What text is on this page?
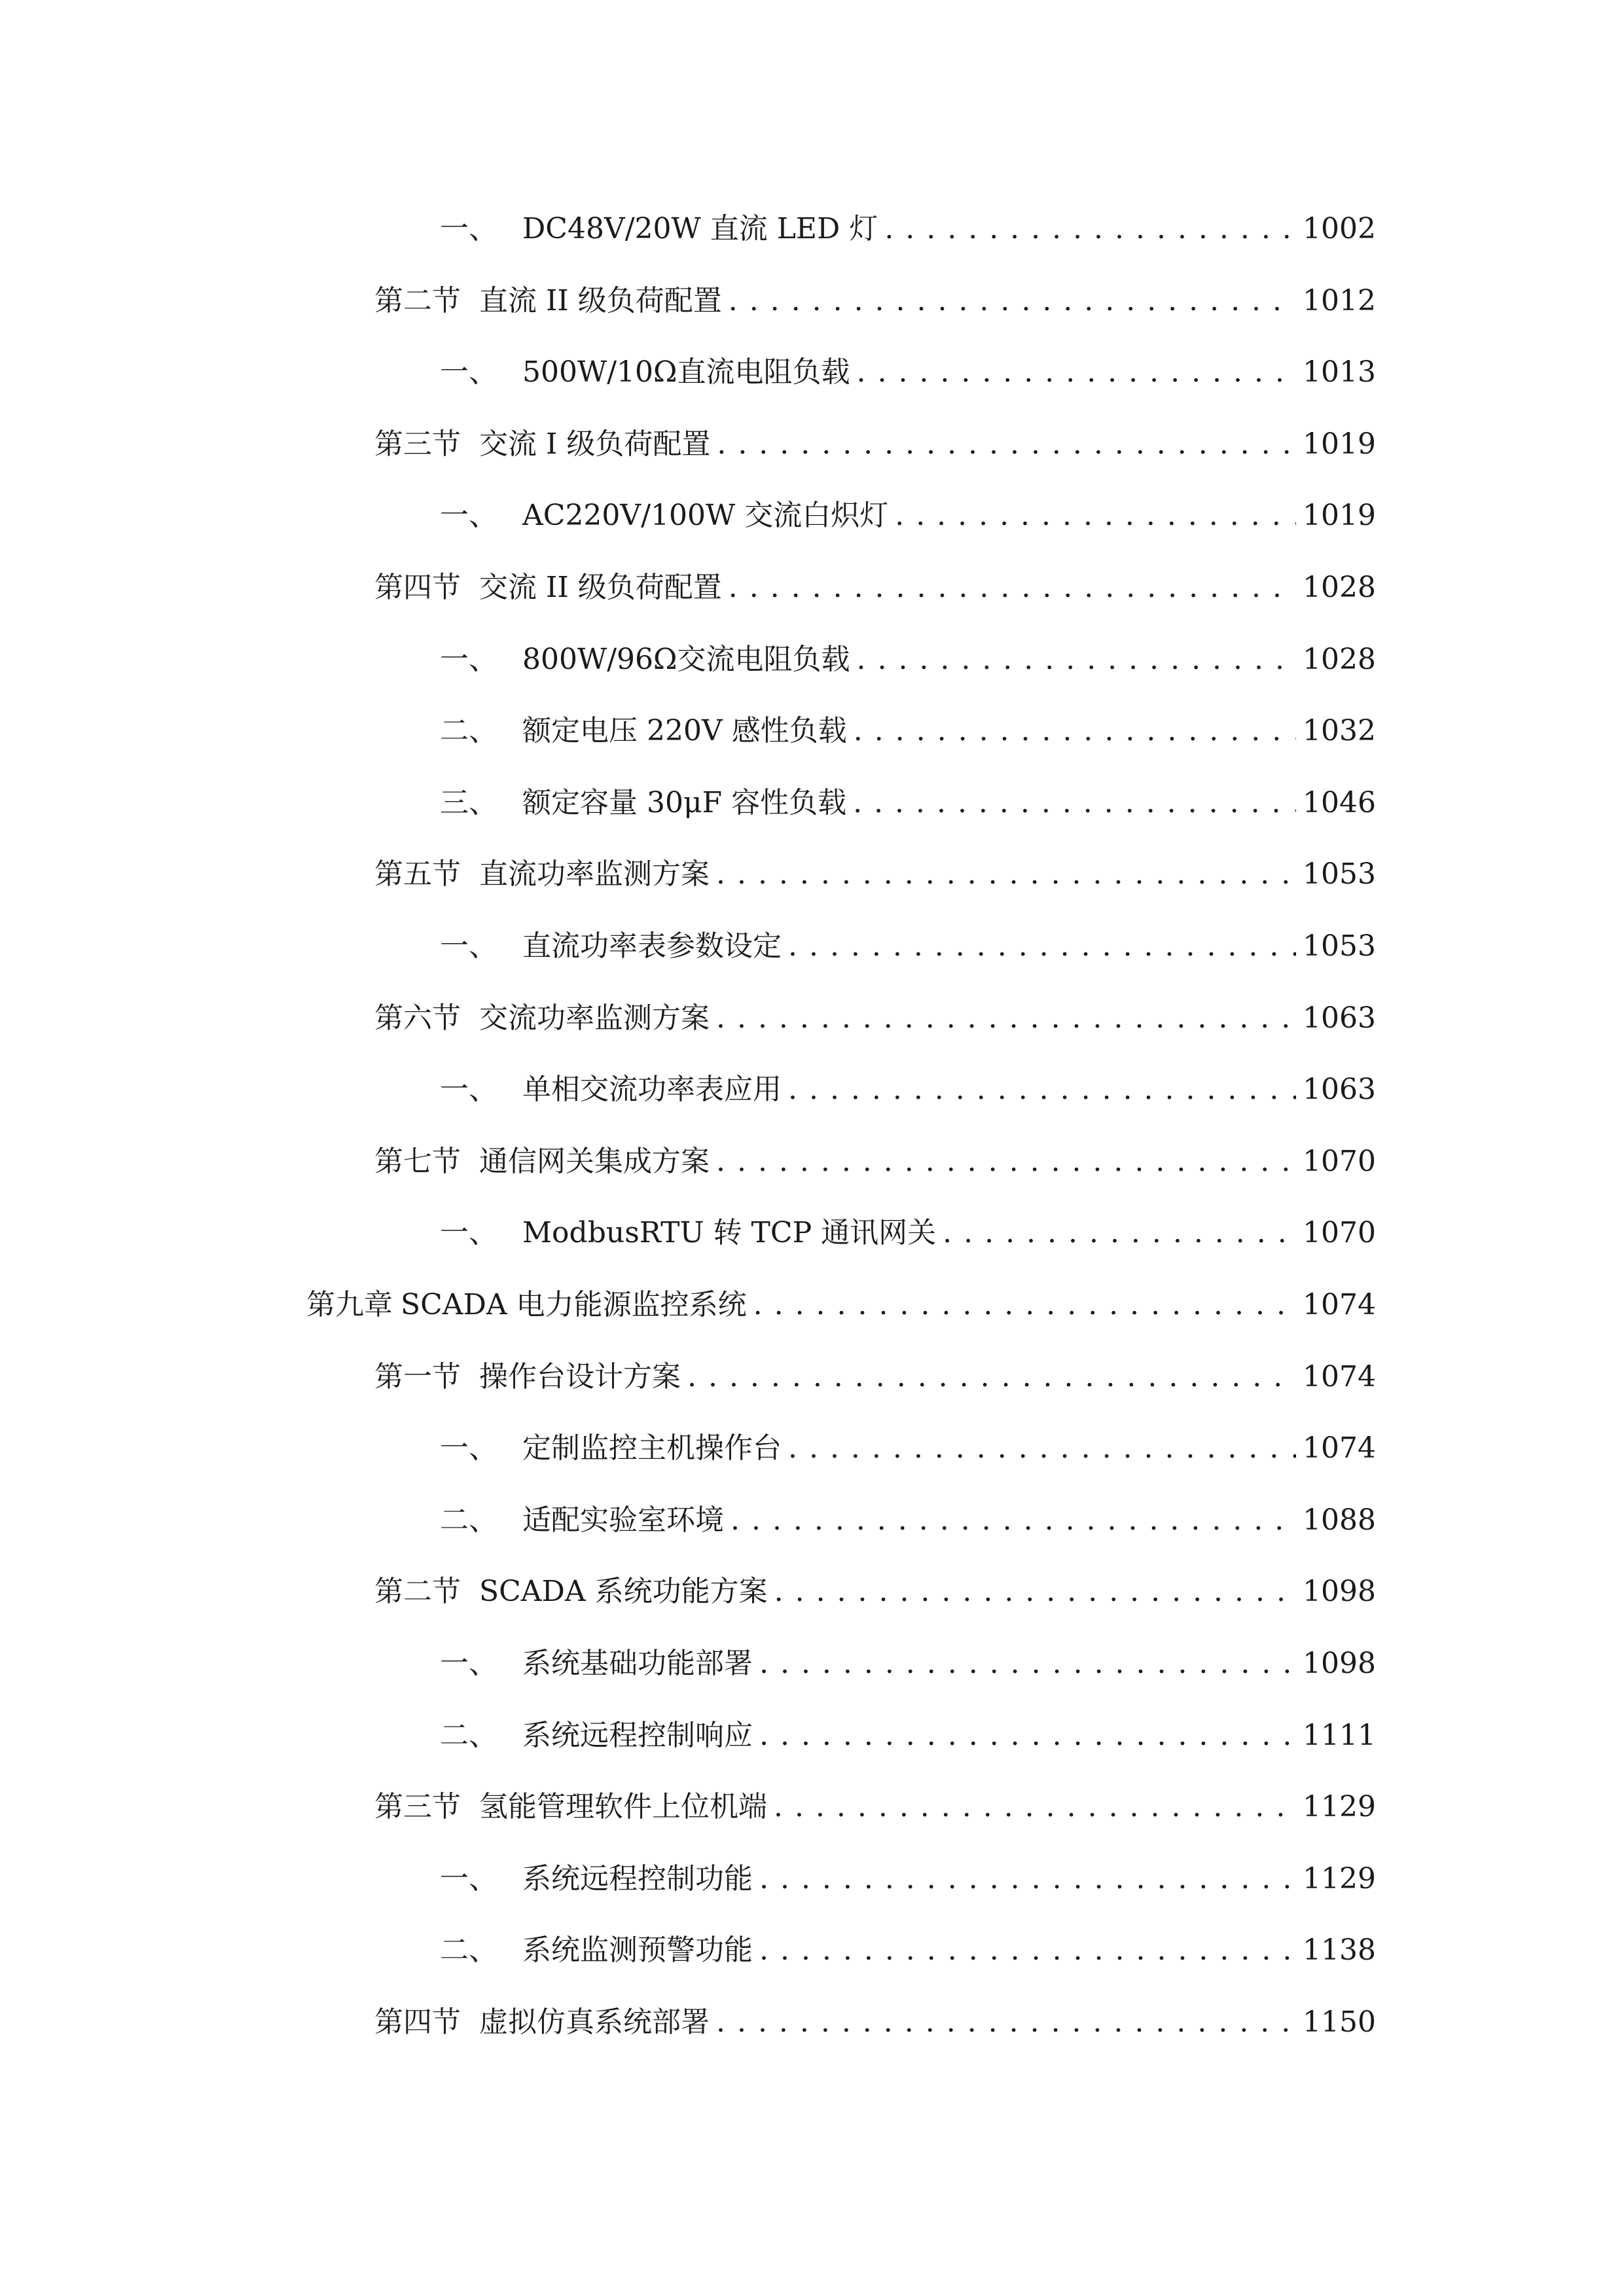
一、 DC48V/20W 直流 LED 灯 . . .	1002
第二节 直流 II 级负荷配置 . . .	1012
一、 500W/10Ω直流电阻负载 . . .	1013
第三节 交流 I 级负荷配置 . . .	1019
一、 AC220V/100W 交流白炽灯 . . .	1019
第四节 交流 II 级负荷配置 . . .	1028
一、 800W/96Ω交流电阻负载 . . .	1028
二、 额定电压 220V 感性负载 . . .	1032
三、 额定容量 30μF 容性负载 . . .	1046
第五节 直流功率监测方案 . . .	1053
一、 直流功率表参数设定 . . .	1053
第六节 交流功率监测方案 . . .	1063
一、 单相交流功率表应用 . . .	1063
第七节 通信网关集成方案 . . .	1070
一、 ModbusRTU 转 TCP 通讯网关 . . .	1070
第九章 SCADA 电力能源监控系统 . . .	1074
第一节 操作台设计方案 . . .	1074
一、 定制监控主机操作台 . . .	1074
二、 适配实验室环境 . . .	1088
第二节 SCADA 系统功能方案 . . .	1098
一、 系统基础功能部署 . . .	1098
二、 系统远程控制响应 . . .	1111
第三节 氢能管理软件上位机端 . . .	1129
一、 系统远程控制功能 . . .	1129
二、 系统监测预警功能 . . .	1138
第四节 虚拟仿真系统部署 . . .	1150
